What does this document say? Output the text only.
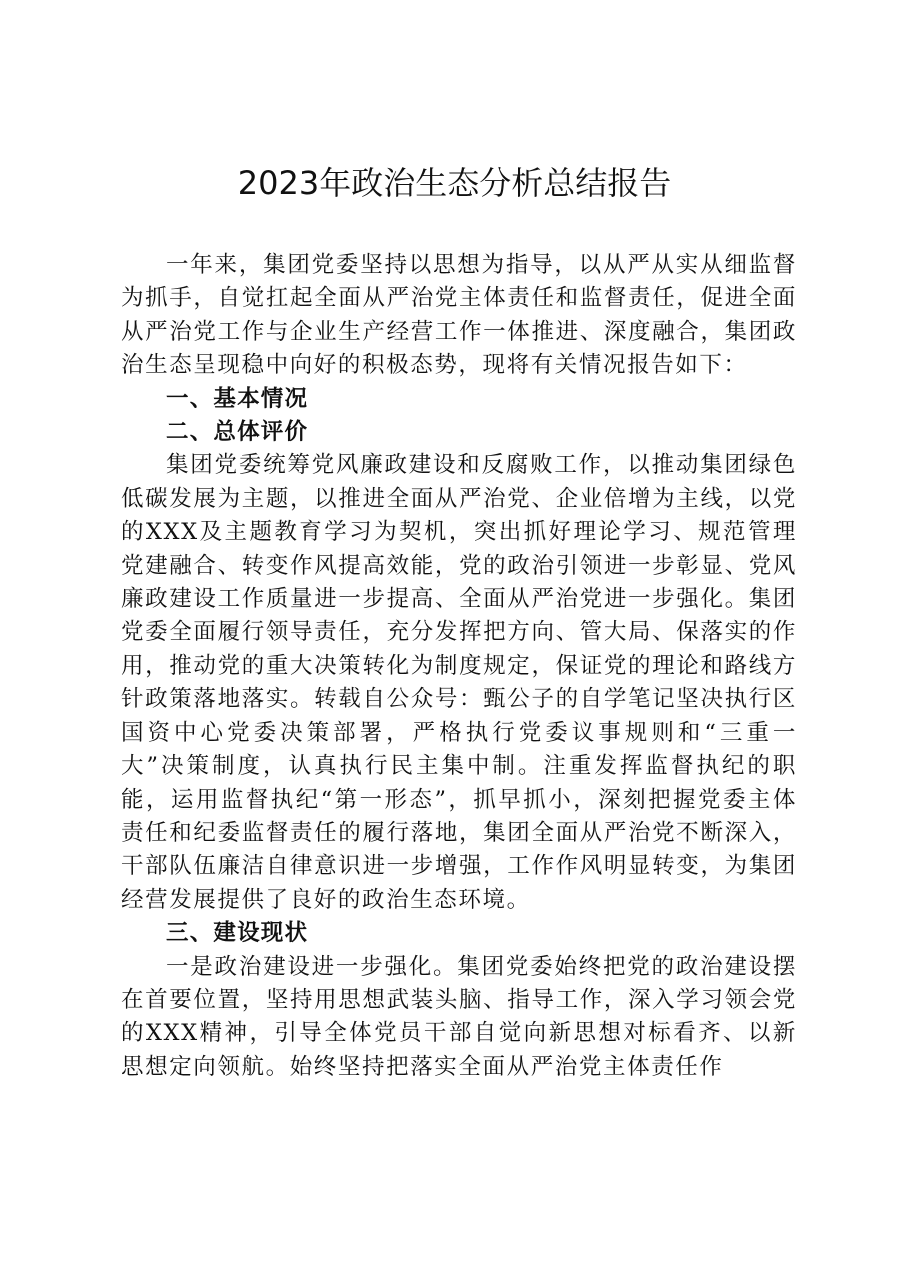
2023年政治生态分析总结报告

一年来，集团党委坚持以思想为指导，以从严从实从细监督为抓手，自觉扛起全面从严治党主体责任和监督责任，促进全面从严治党工作与企业生产经营工作一体推进、深度融合，集团政治生态呈现稳中向好的积极态势，现将有关情况报告如下：

一、基本情况

二、总体评价

集团党委统筹党风廉政建设和反腐败工作，以推动集团绿色低碳发展为主题，以推进全面从严治党、企业倍增为主线，以党的XXX及主题教育学习为契机，突出抓好理论学习、规范管理党建融合、转变作风提高效能，党的政治引领进一步彰显、党风廉政建设工作质量进一步提高、全面从严治党进一步强化。集团党委全面履行领导责任，充分发挥把方向、管大局、保落实的作用，推动党的重大决策转化为制度规定，保证党的理论和路线方针政策落地落实。转载自公众号：甄公子的自学笔记坚决执行区国资中心党委决策部署，严格执行党委议事规则和“三重一大”决策制度，认真执行民主集中制。注重发挥监督执纪的职能，运用监督执纪“第一形态”，抓早抓小，深刻把握党委主体责任和纪委监督责任的履行落地，集团全面从严治党不断深入，干部队伍廉洁自律意识进一步增强，工作作风明显转变，为集团经营发展提供了良好的政治生态环境。

三、建设现状

一是政治建设进一步强化。集团党委始终把党的政治建设摆在首要位置，坚持用思想武装头脑、指导工作，深入学习领会党的XXX精神，引导全体党员干部自觉向新思想对标看齐、以新思想定向领航。始终坚持把落实全面从严治党主体责任作
